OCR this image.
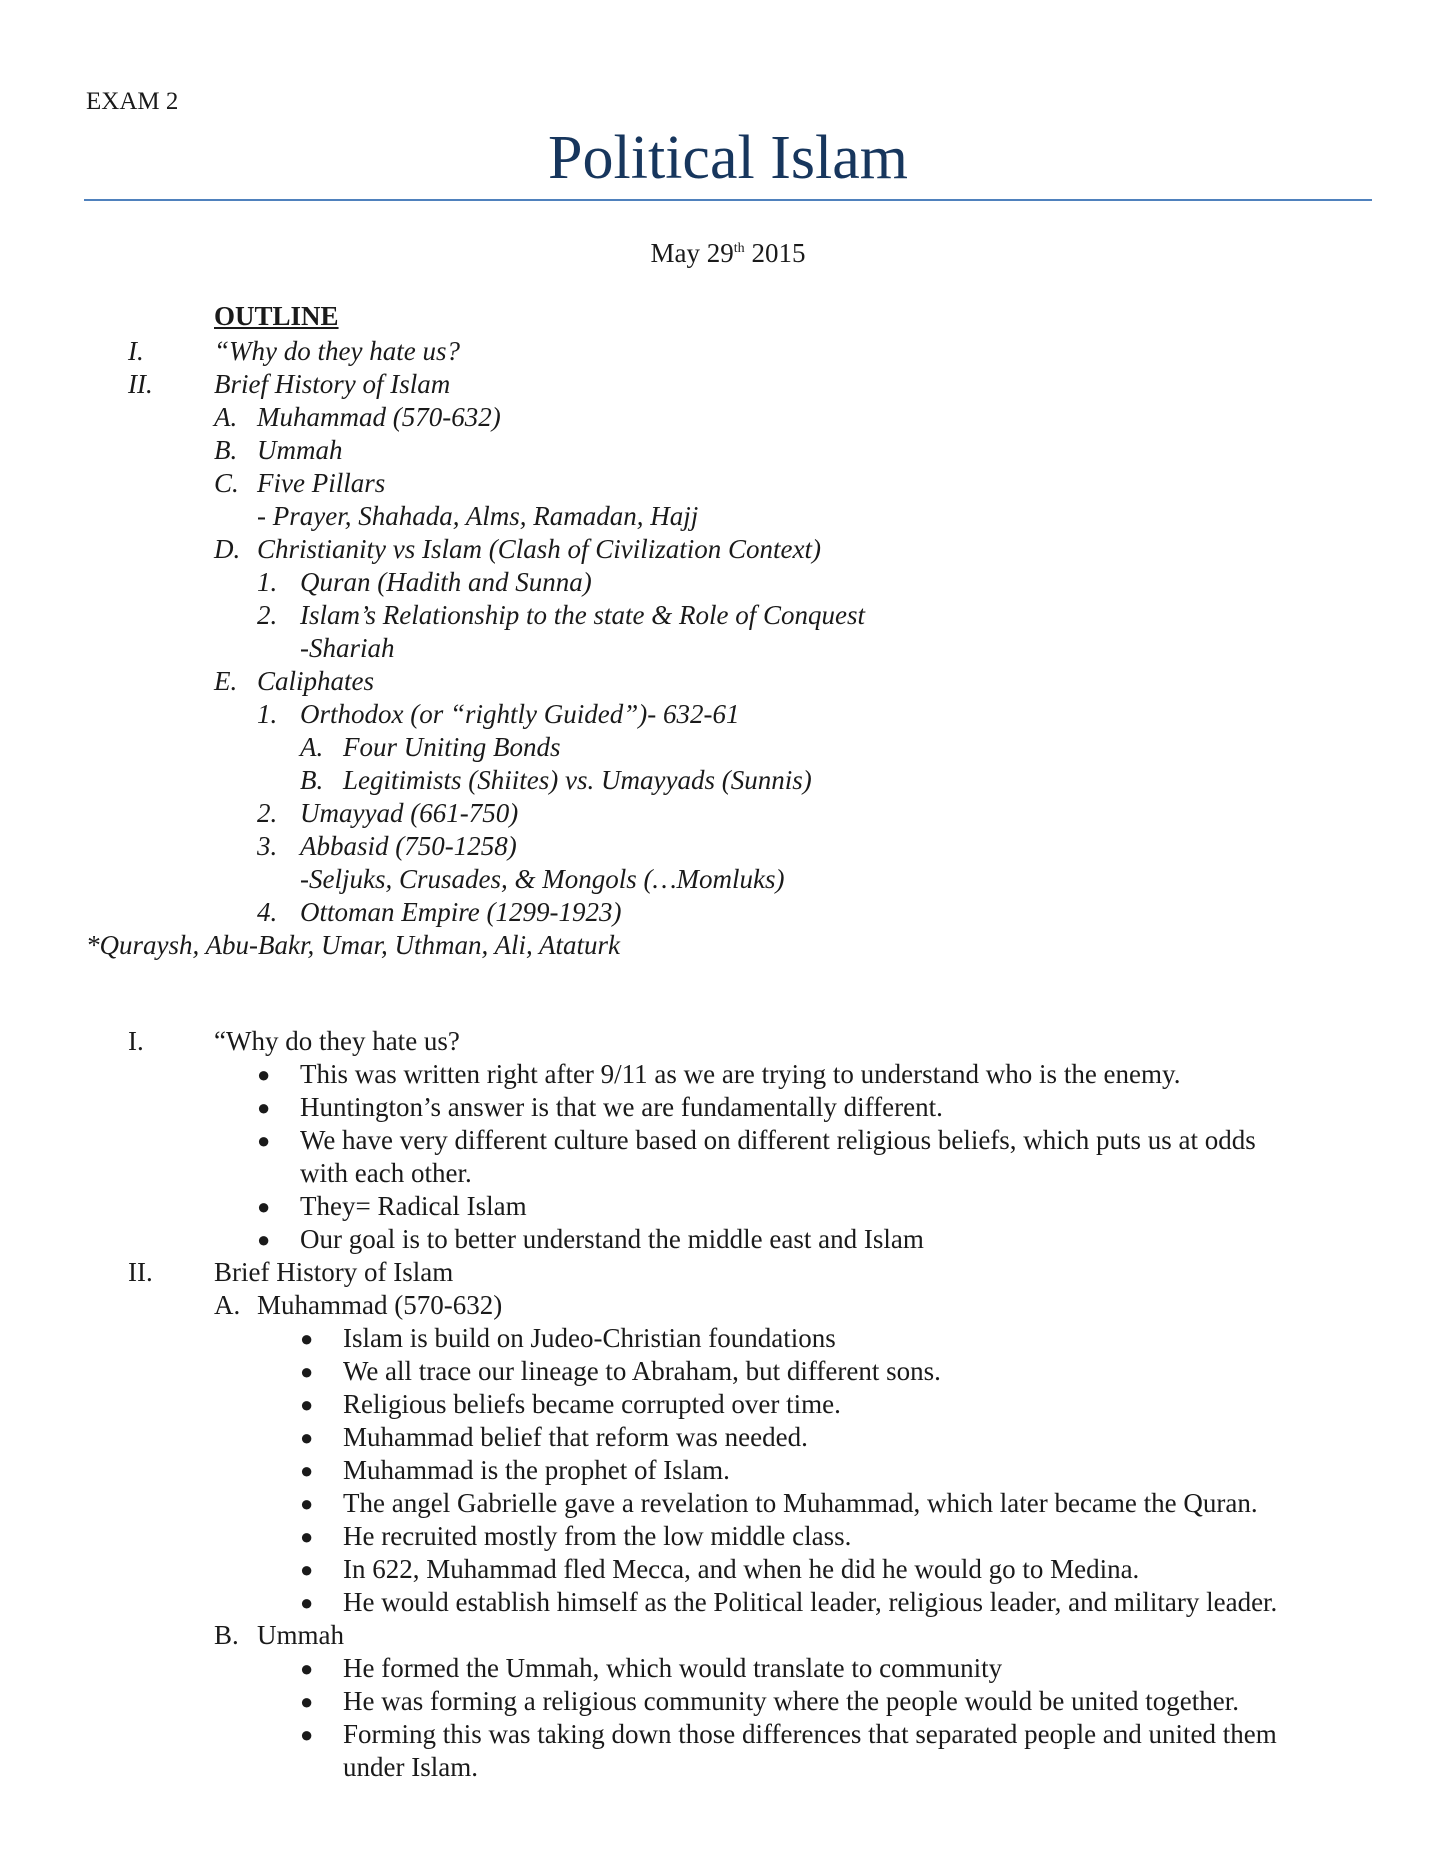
EXAM 2
Political Islam
May 29th 2015
OUTLINE
I.	“Why do they hate us?
II. Brief History of Islam
A. Muhammad (570-632)
B. Ummah
C. Five Pillars
- Prayer, Shahada, Alms, Ramadan, Hajj
D. Christianity vs Islam (Clash of Civilization Context)
1. Quran (Hadith and Sunna)
2. Islam’s Relationship to the state & Role of Conquest
-Shariah
E. Caliphates
1. Orthodox (or “rightly Guided”)- 632-61
A. Four Uniting Bonds
B. Legitimists (Shiites) vs. Umayyads (Sunnis)
2. Umayyad (661-750)
3. Abbasid (750-1258)
-Seljuks, Crusades, & Mongols (…Momluks)
4. Ottoman Empire (1299-1923)
*Quraysh, Abu-Bakr, Umar, Uthman, Ali, Ataturk
I.	“Why do they hate us?
● This was written right after 9/11 as we are trying to understand who is the enemy.
● Huntington’s answer is that we are fundamentally different.
● We have very different culture based on different religious beliefs, which puts us at odds
with each other.
● They= Radical Islam
● Our goal is to better understand the middle east and Islam
II. Brief History of Islam
A. Muhammad (570-632)
● Islam is build on Judeo-Christian foundations
● We all trace our lineage to Abraham, but different sons.
● Religious beliefs became corrupted over time.
● Muhammad belief that reform was needed.
● Muhammad is the prophet of Islam.
● The angel Gabrielle gave a revelation to Muhammad, which later became the Quran.
● He recruited mostly from the low middle class.
● In 622, Muhammad fled Mecca, and when he did he would go to Medina.
● He would establish himself as the Political leader, religious leader, and military leader.
B. Ummah
● He formed the Ummah, which would translate to community
● He was forming a religious community where the people would be united together.
● Forming this was taking down those differences that separated people and united them
under Islam.
